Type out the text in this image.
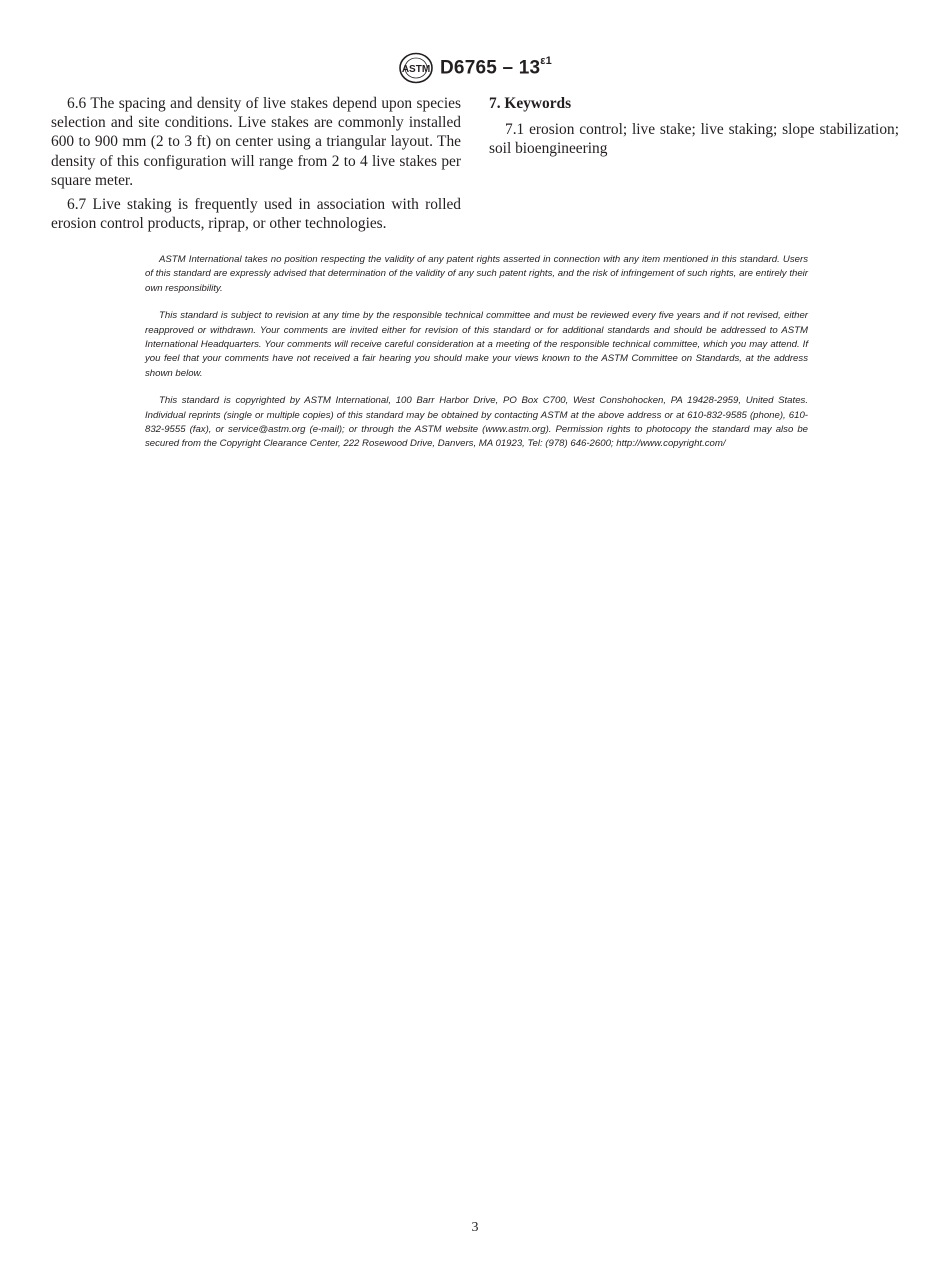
ASTM $D6765 - 13^{\varepsilon 1}$

6.6 The spacing and density of live stakes depend upon species selection and site conditions. Live stakes are commonly installed 600 to 900 mm (2 to 3 ft) on center using a triangular layout. The density of this configuration will range from 2 to 4 live stakes per square meter.

6.7 Live staking is frequently used in association with rolled erosion control products, riprap, or other technologies.

7. Keywords

7.1 erosion control; live stake; live staking; slope stabilization; soil bioengineering

ASTM International takes no position respecting the validity of any patent rights asserted in connection with any item mentioned in this standard. Users of this standard are expressly advised that determination of the validity of any such patent rights, and the risk of infringement of such rights, are entirely their own responsibility.

This standard is subject to revision at any time by the responsible technical committee and must be reviewed every five years and if not revised, either reapproved or withdrawn. Your comments are invited either for revision of this standard or for additional standards and should be addressed to ASTM International Headquarters. Your comments will receive careful consideration at a meeting of the responsible technical committee, which you may attend. If you feel that your comments have not received a fair hearing you should make your views known to the ASTM Committee on Standards, at the address shown below.

This standard is copyrighted by ASTM International, 100 Barr Harbor Drive, PO Box C700, West Conshohocken, PA 19428-2959, United States. Individual reprints (single or multiple copies) of this standard may be obtained by contacting ASTM at the above address or at 610-832-9585 (phone), 610-832-9555 (fax), or service@astm.org (e-mail); or through the ASTM website (www.astm.org). Permission rights to photocopy the standard may also be secured from the Copyright Clearance Center, 222 Rosewood Drive, Danvers, MA 01923, Tel: (978) 646-2600; http://www.copyright.com/

3
